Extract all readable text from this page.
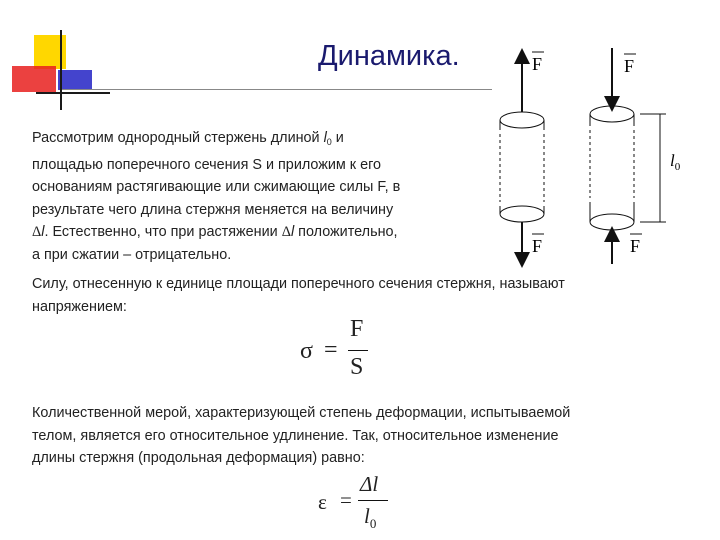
Динамика.
Рассмотрим однородный стержень длиной $l_0$ и
площадью поперечного сечения S и приложим к его
основаниям растягивающие или сжимающие силы F, в
результате чего длина стержня меняется на величину
Δl. Естественно, что при растяжении Δl положительно,
а при сжатии – отрицательно.
F
F
F
F
$l_0$
Силу, отнесенную к единице площади поперечного сечения стержня, называют
напряжением:
σ =
F
S
Количественной мерой, характеризующей степень деформации, испытываемой
телом, является его относительное удлинение. Так, относительное изменение
длины стержня (продольная деформация) равно:
ε =
Δl
$l_0$
